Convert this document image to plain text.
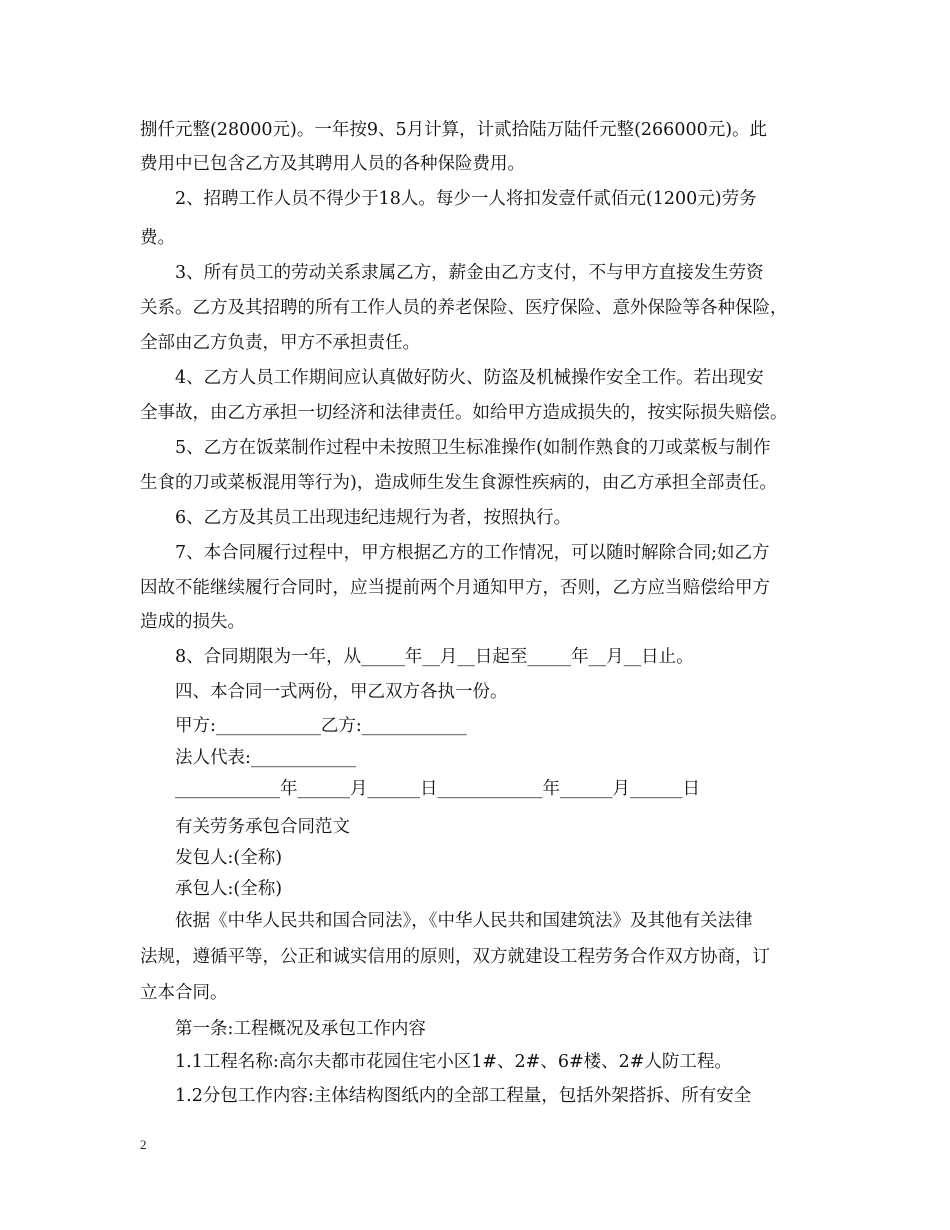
捌仟元整(28000元)。一年按9、5月计算，计贰拾陆万陆仟元整(266000元)。此

费用中已包含乙方及其聘用人员的各种保险费用。

2、招聘工作人员不得少于18人。每少一人将扣发壹仟贰佰元(1200元)劳务

费。

3、所有员工的劳动关系隶属乙方，薪金由乙方支付，不与甲方直接发生劳资

关系。乙方及其招聘的所有工作人员的养老保险、医疗保险、意外保险等各种保险，

全部由乙方负责，甲方不承担责任。

4、乙方人员工作期间应认真做好防火、防盗及机械操作安全工作。若出现安

全事故，由乙方承担一切经济和法律责任。如给甲方造成损失的，按实际损失赔偿。

5、乙方在饭菜制作过程中未按照卫生标准操作(如制作熟食的刀或菜板与制作

生食的刀或菜板混用等行为)，造成师生发生食源性疾病的，由乙方承担全部责任。

6、乙方及其员工出现违纪违规行为者，按照执行。

7、本合同履行过程中，甲方根据乙方的工作情况，可以随时解除合同;如乙方

因故不能继续履行合同时，应当提前两个月通知甲方，否则，乙方应当赔偿给甲方

造成的损失。

8、合同期限为一年，从_____年__月__日起至_____年__月__日止。

四、本合同一式两份，甲乙双方各执一份。

甲方:____________乙方:____________

法人代表:____________

____________年______月______日____________年______月______日

有关劳务承包合同范文

发包人:(全称)

承包人:(全称)

依据《中华人民共和国合同法》，《中华人民共和国建筑法》及其他有关法律

法规，遵循平等，公正和诚实信用的原则，双方就建设工程劳务合作双方协商，订

立本合同。

第一条:工程概况及承包工作内容

1.1工程名称:高尔夫都市花园住宅小区1#、2#、6#楼、2#人防工程。

1.2分包工作内容:主体结构图纸内的全部工程量，包括外架搭拆、所有安全

2
